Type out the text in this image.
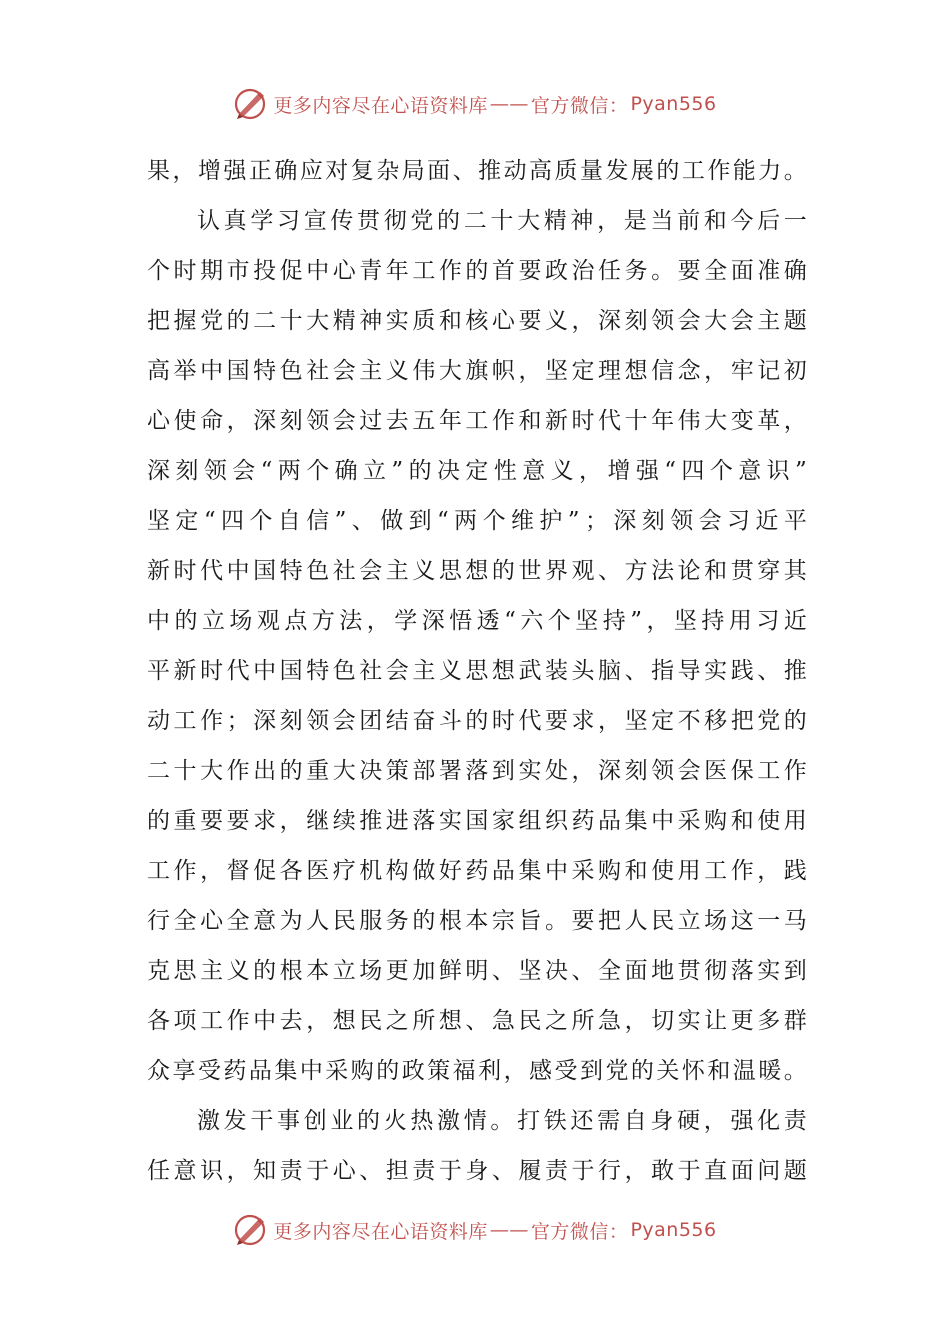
更多内容尽在心语资料库 —— 官方微信： Pyan556
果 ， 增 强 正 确 应 对 复 杂 局 面 、 推 动 高 质 量 发 展 的 工 作 能 力 。
认 真 学 习 宣 传 贯 彻 党 的 二 十 大 精 神 ， 是 当 前 和 今 后 一
个 时 期 市 投 促 中 心 青 年 工 作 的 首 要 政 治 任 务 。 要 全 面 准 确
把 握 党 的 二 十 大 精 神 实 质 和 核 心 要 义 ， 深 刻 领 会 大 会 主 题
高 举 中 国 特 色 社 会 主 义 伟 大 旗 帜 ， 坚 定 理 想 信 念 ， 牢 记 初
心 使 命 ， 深 刻 领 会 过 去 五 年 工 作 和 新 时 代 十 年 伟 大 变 革 ，
深 刻 领 会 “ 两 个 确 立 ” 的 决 定 性 意 义 ， 增 强 “ 四 个 意 识 ”
坚 定 “ 四 个 自 信 ” 、 做 到 “ 两 个 维 护 ” ； 深 刻 领 会 习 近 平
新 时 代 中 国 特 色 社 会 主 义 思 想 的 世 界 观 、 方 法 论 和 贯 穿 其
中 的 立 场 观 点 方 法 ， 学 深 悟 透 “ 六 个 坚 持 ” ， 坚 持 用 习 近
平 新 时 代 中 国 特 色 社 会 主 义 思 想 武 装 头 脑 、 指 导 实 践 、 推
动 工 作 ； 深 刻 领 会 团 结 奋 斗 的 时 代 要 求 ， 坚 定 不 移 把 党 的
二 十 大 作 出 的 重 大 决 策 部 署 落 到 实 处 ， 深 刻 领 会 医 保 工 作
的 重 要 要 求 ， 继 续 推 进 落 实 国 家 组 织 药 品 集 中 采 购 和 使 用
工 作 ， 督 促 各 医 疗 机 构 做 好 药 品 集 中 采 购 和 使 用 工 作 ， 践
行 全 心 全 意 为 人 民 服 务 的 根 本 宗 旨 。 要 把 人 民 立 场 这 一 马
克 思 主 义 的 根 本 立 场 更 加 鲜 明 、 坚 决 、 全 面 地 贯 彻 落 实 到
各 项 工 作 中 去 ， 想 民 之 所 想 、 急 民 之 所 急 ， 切 实 让 更 多 群
众 享 受 药 品 集 中 采 购 的 政 策 福 利 ， 感 受 到 党 的 关 怀 和 温 暖 。
激 发 干 事 创 业 的 火 热 激 情 。 打 铁 还 需 自 身 硬 ， 强 化 责
任 意 识 ， 知 责 于 心 、 担 责 于 身 、 履 责 于 行 ， 敢 于 直 面 问 题
更多内容尽在心语资料库 —— 官方微信： Pyan556
